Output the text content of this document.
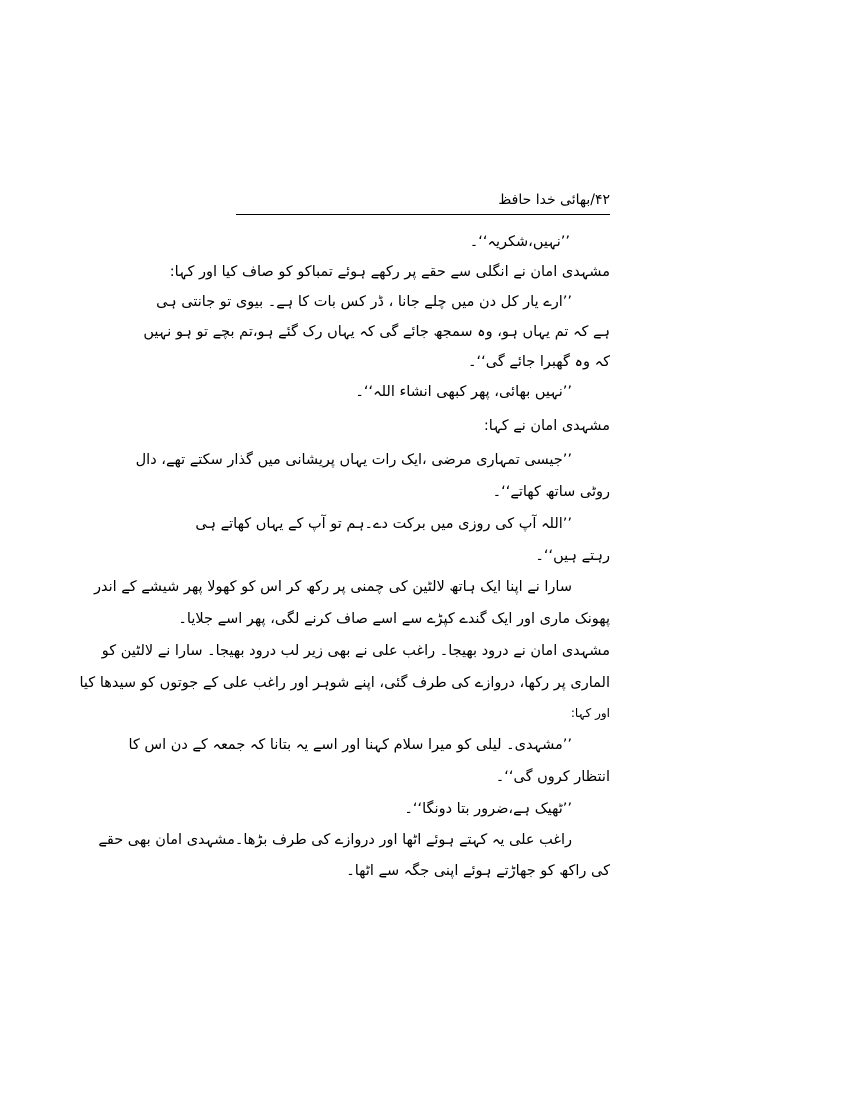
۴۲/بھائی خدا حافظ
’’نہیں،شکریہ‘‘۔
مشہدی امان نے انگلی سے حقے پر رکھے ہوئے تمباکو کو صاف کیا اور کہا:
’’ارے یار کل دن میں چلے جانا ، ڈر کس بات کا ہے۔ بیوی تو جانتی ہی
ہے کہ تم یہاں ہو، وہ سمجھ جائے گی کہ یہاں رک گئے ہو،تم بچے تو ہو نہیں
کہ وہ گھبرا جائے گی‘‘۔
’’نہیں بھائی، پھر کبھی انشاء اللہ‘‘۔
مشہدی امان نے کہا:
’’جیسی تمہاری مرضی ،ایک رات یہاں پریشانی میں گذار سکتے تھے، دال
روٹی ساتھ کھاتے‘‘۔
’’اللہ آپ کی روزی میں برکت دے۔ہم تو آپ کے یہاں کھاتے ہی
رہتے ہیں‘‘۔
سارا نے اپنا ایک ہاتھ لالٹین کی چمنی پر رکھ کر اس کو کھولا پھر شیشے کے اندر
پھونک ماری اور ایک گندے کپڑے سے اسے صاف کرنے لگی، پھر اسے جلایا۔
مشہدی امان نے درود بھیجا۔ راغب علی نے بھی زیر لب درود بھیجا۔ سارا نے لالٹین کو
الماری پر رکھا، دروازے کی طرف گئی، اپنے شوہر اور راغب علی کے جوتوں کو سیدھا کیا
اور کہا:
’’مشہدی۔ لیلی کو میرا سلام کہنا اور اسے یہ بتانا کہ جمعہ کے دن اس کا
انتظار کروں گی‘‘۔
’’ٹھیک ہے،ضرور بتا دونگا‘‘۔
راغب علی یہ کہتے ہوئے اٹھا اور دروازے کی طرف بڑھا۔مشہدی امان بھی حقے
کی راکھ کو جھاڑتے ہوئے اپنی جگہ سے اٹھا۔
